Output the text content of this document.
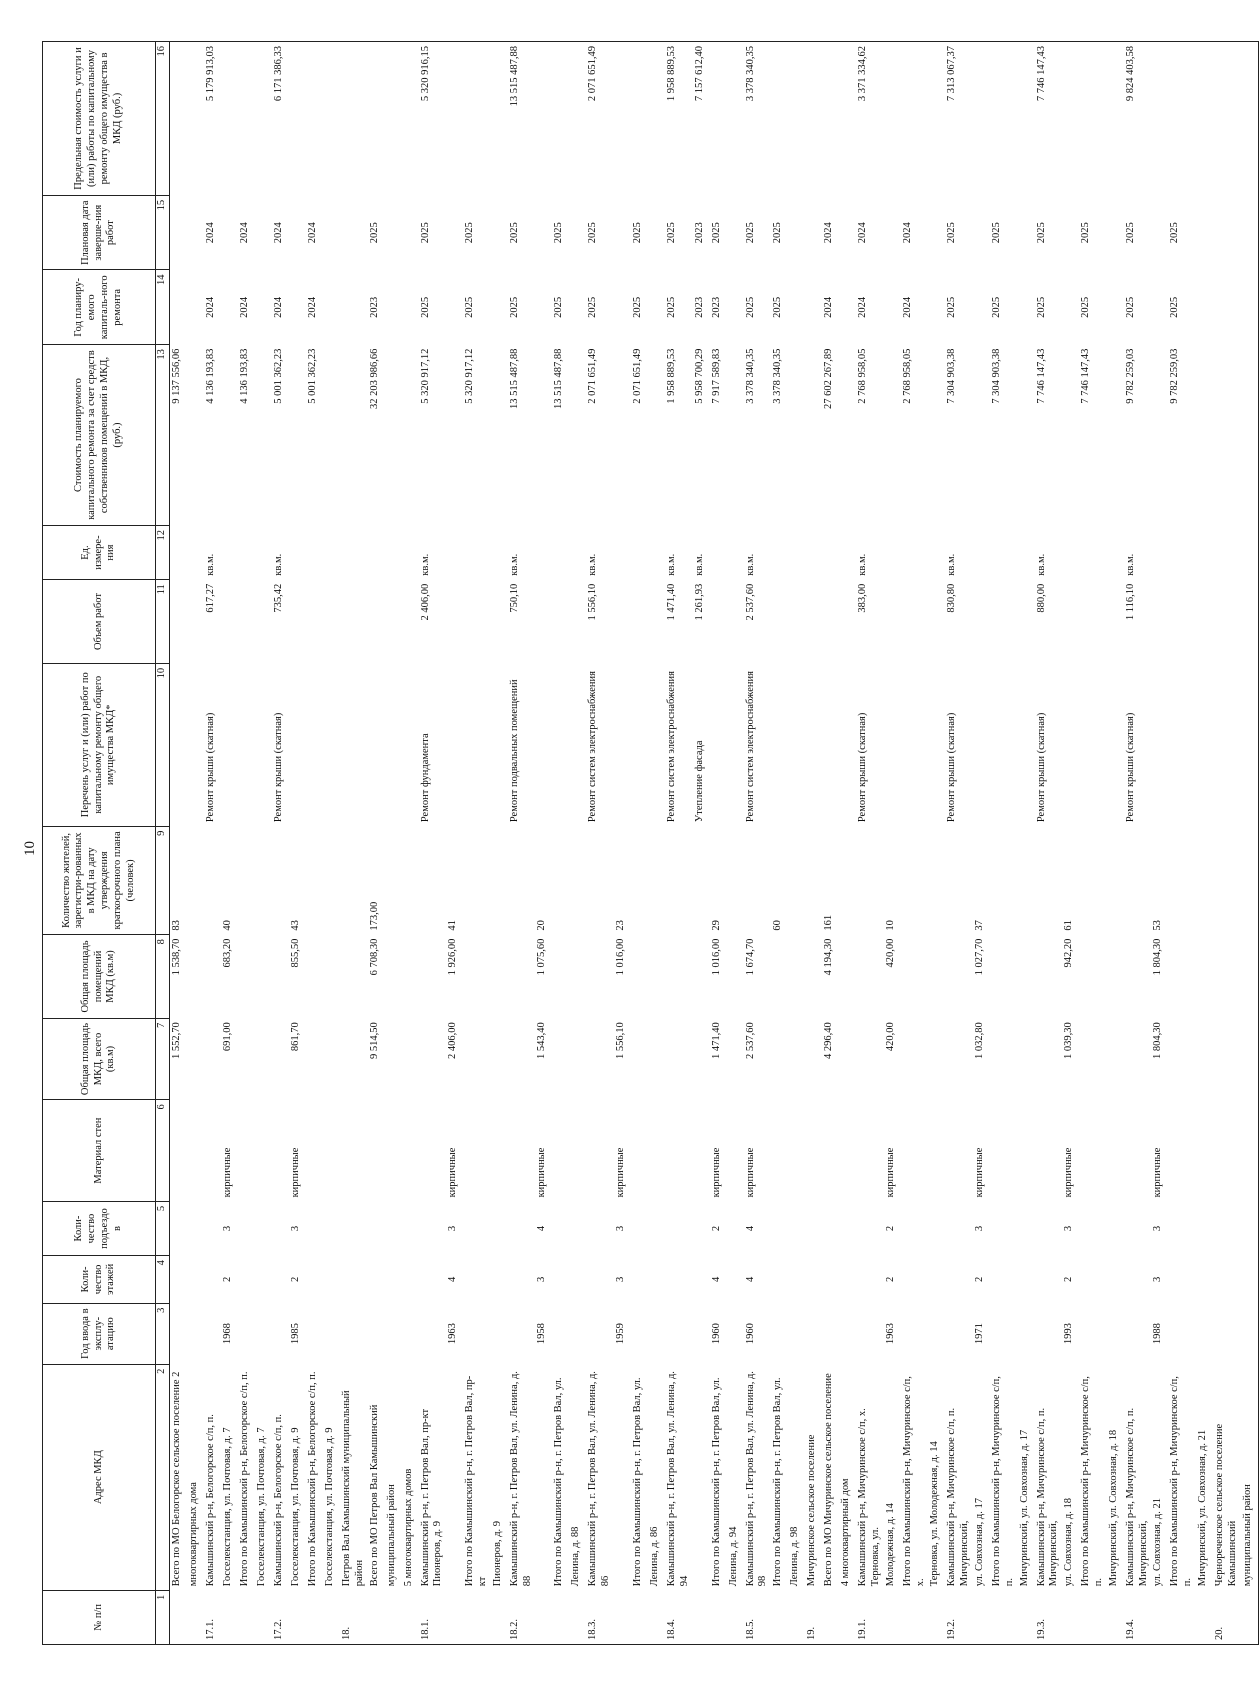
10
№ п/п	Адрес МКД	Год ввода в эксплу-атацию	Коли-чество этажей	Коли-чество подъездо в	Материал стен	Общая площадь МКД, всего (кв.м)	Общая площадь помещений МКД (кв.м)	Количество жителей, зарегистри-рованных в МКД на дату утверждения краткосрочного плана (человек)	Перечень услуг и (или) работ по капитальному ремонту общего имущества МКД*	Объем работ	Ед. измере-ния	Стоимость планируемого капитального ремонта за счет средств собственников помещений в МКД, (руб.)	Год планиру-емого капиталь-ного ремонта	Плановая дата заверше-ния работ	Предельная стоимость услуги и (или) работы по капитальному ремонту общего имущества в МКД (руб.)
1	2	3	4	5	6	7	8	9	10	11	12	13	14	15	16
	Всего по МО Белогорское сельское поселение 2					1 552,70	1 538,70	83				9 137 556,06			
	многоквартирных дома														
17.1.	Камышинский р-н, Белогорское с/п, п.								Ремонт крыши (скатная)	617,27	кв.м.	4 136 193,83	2024	2024	5 179 913,03
	Госселекстанция, ул. Почтовая, д. 7	1968	2	3	кирпичные	691,00	683,20	40							
	Итого по Камышинский р-н, Белогорское с/п, п.											4 136 193,83	2024	2024	
	Госселекстанция, ул. Почтовая, д. 7														
17.2.	Камышинский р-н, Белогорское с/п, п.								Ремонт крыши (скатная)	735,42	кв.м.	5 001 362,23	2024	2024	6 171 386,33
	Госселекстанция, ул. Почтовая, д. 9	1985	2	3	кирпичные	861,70	855,50	43							
	Итого по Камышинский р-н, Белогорское с/п, п.											5 001 362,23	2024	2024	
	Госселекстанция, ул. Почтовая, д. 9														
18.	Петров Вал Камышинский муниципальный район														
	Всего по МО Петров Вал Камышинский					9 514,50	6 708,30	173,00				32 203 986,66	2023	2025	
	муниципальный район														
	5 многоквартирных домов														
18.1.	Камышинский р-н, г. Петров Вал, пр-кт Пионеров, д. 9								Ремонт фундамента	2 406,00	кв.м.	5 320 917,12	2025	2025	5 320 916,15
		1963	4	3	кирпичные	2 406,00	1 926,00	41							
	Итого по Камышинский р-н, г. Петров Вал, пр-кт											5 320 917,12	2025	2025	
	Пионеров, д. 9														
18.2.	Камышинский р-н, г. Петров Вал, ул. Ленина, д. 88								Ремонт подвальных помещений	750,10	кв.м.	13 515 487,88	2025	2025	13 515 487,88
		1958	3	4	кирпичные	1 543,40	1 075,60	20							
	Итого по Камышинский р-н, г. Петров Вал, ул.											13 515 487,88	2025	2025	
	Ленина, д. 88														
18.3.	Камышинский р-н, г. Петров Вал, ул. Ленина, д. 86								Ремонт систем электроснабжения	1 556,10	кв.м.	2 071 651,49	2025	2025	2 071 651,49
		1959	3	3	кирпичные	1 556,10	1 016,00	23							
	Итого по Камышинский р-н, г. Петров Вал, ул.											2 071 651,49	2025	2025	
	Ленина, д. 86														
18.4.	Камышинский р-н, г. Петров Вал, ул. Ленина, д. 94								Ремонт систем электроснабжения	1 471,40	кв.м.	1 958 889,53	2025	2025	1 958 889,53
									Утепление фасада	1 261,93	кв.м.	5 958 700,29	2023	2023	7 157 612,40
	Итого по Камышинский р-н, г. Петров Вал, ул.	1960	4	2	кирпичные	1 471,40	1 016,00	29				7 917 589,83	2023	2025	
	Ленина, д. 94														
18.5.	Камышинский р-н, г. Петров Вал, ул. Ленина, д. 98	1960	4	4	кирпичные	2 537,60	1 674,70		Ремонт систем электроснабжения	2 537,60	кв.м.	3 378 340,35	2025	2025	3 378 340,35
	Итого по Камышинский р-н, г. Петров Вал, ул.							60				3 378 340,35	2025	2025	
	Ленина, д. 98														
19.	Мичуринское сельское поселение														
	Всего по МО Мичуринское сельское поселение					4 296,40	4 194,30	161				27 602 267,89	2024	2024	
	4 многоквартирный дом														
19.1.	Камышинский р-н, Мичуринское с/п, х. Терновка, ул.								Ремонт крыши (скатная)	383,00	кв.м.	2 768 958,05	2024	2024	3 371 334,62
	Молодежная, д. 14	1963	2	2	кирпичные	420,00	420,00	10							
	Итого по Камышинский р-н, Мичуринское с/п, х.											2 768 958,05	2024	2024	
	Терновка, ул. Молодежная, д. 14														
19.2.	Камышинский р-н, Мичуринское с/п, п. Мичуринский,								Ремонт крыши (скатная)	830,80	кв.м.	7 304 903,38	2025	2025	7 313 067,37
	ул. Совхозная, д. 17	1971	2	3	кирпичные	1 032,80	1 027,70	37							
	Итого по Камышинский р-н, Мичуринское с/п, п.											7 304 903,38	2025	2025	
	Мичуринский, ул. Совхозная, д. 17														
19.3.	Камышинский р-н, Мичуринское с/п, п. Мичуринский,								Ремонт крыши (скатная)	880,00	кв.м.	7 746 147,43	2025	2025	7 746 147,43
	ул. Совхозная, д. 18	1993	2	3	кирпичные	1 039,30	942,20	61							
	Итого по Камышинский р-н, Мичуринское с/п, п.											7 746 147,43	2025	2025	
	Мичуринский, ул. Совхозная, д. 18														
19.4.	Камышинский р-н, Мичуринское с/п, п. Мичуринский,								Ремонт крыши (скатная)	1 116,10	кв.м.	9 782 259,03	2025	2025	9 824 403,58
	ул. Совхозная, д. 21	1988	3	3	кирпичные	1 804,30	1 804,30	53							
	Итого по Камышинский р-н, Мичуринское с/п, п.											9 782 259,03	2025	2025	
	Мичуринский, ул. Совхозная, д. 21														
20.	Чернореченское сельское поселение Камышинский														
	муниципальный район														
